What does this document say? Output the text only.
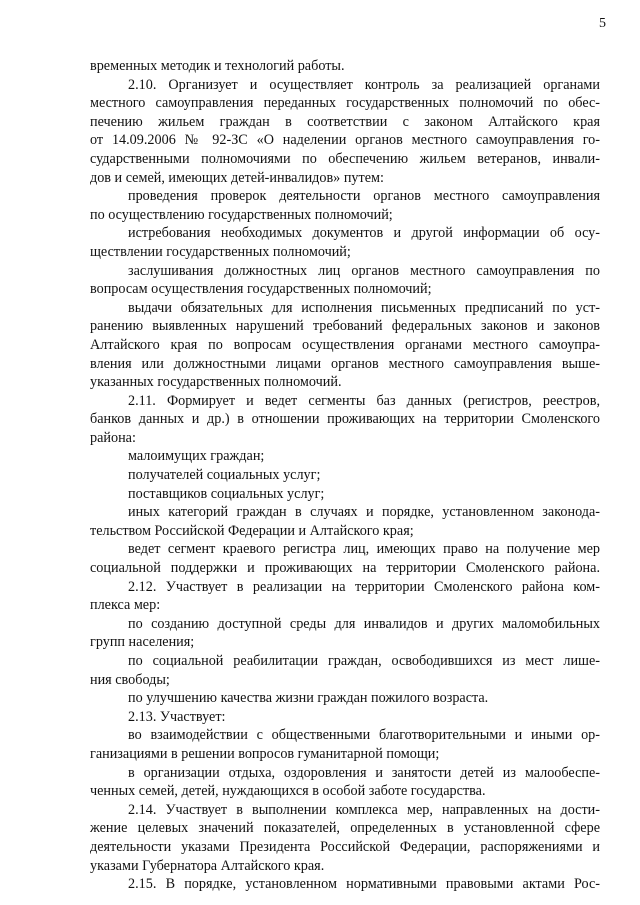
5
временных методик и технологий работы.
2.10. Организует и осуществляет контроль за реализацией органами
местного самоуправления переданных государственных полномочий по обес-
печению жильем граждан в соответствии с законом Алтайского края
от 14.09.2006 № 92-ЗС «О наделении органов местного самоуправления го-
сударственными полномочиями по обеспечению жильем ветеранов, инвали-
дов и семей, имеющих детей-инвалидов» путем:
проведения проверок деятельности органов местного самоуправления
по осуществлению государственных полномочий;
истребования необходимых документов и другой информации об осу-
ществлении государственных полномочий;
заслушивания должностных лиц органов местного самоуправления по
вопросам осуществления государственных полномочий;
выдачи обязательных для исполнения письменных предписаний по уст-
ранению выявленных нарушений требований федеральных законов и законов
Алтайского края по вопросам осуществления органами местного самоупра-
вления или должностными лицами органов местного самоуправления выше-
указанных государственных полномочий.
2.11. Формирует и ведет сегменты баз данных (регистров, реестров,
банков данных и др.) в отношении проживающих на территории Смоленского
района:
малоимущих граждан;
получателей социальных услуг;
поставщиков социальных услуг;
иных категорий граждан в случаях и порядке, установленном законода-
тельством Российской Федерации и Алтайского края;
ведет сегмент краевого регистра лиц, имеющих право на получение мер
социальной поддержки и проживающих на территории Смоленского района.
2.12. Участвует в реализации на территории Смоленского района ком-
плекса мер:
по созданию доступной среды для инвалидов и других маломобильных
групп населения;
по социальной реабилитации граждан, освободившихся из мест лише-
ния свободы;
по улучшению качества жизни граждан пожилого возраста.
2.13. Участвует:
во взаимодействии с общественными благотворительными и иными ор-
ганизациями в решении вопросов гуманитарной помощи;
в организации отдыха, оздоровления и занятости детей из малообеспе-
ченных семей, детей, нуждающихся в особой заботе государства.
2.14. Участвует в выполнении комплекса мер, направленных на дости-
жение целевых значений показателей, определенных в установленной сфере
деятельности указами Президента Российской Федерации, распоряжениями и
указами Губернатора Алтайского края.
2.15. В порядке, установленном нормативными правовыми актами Рос-
